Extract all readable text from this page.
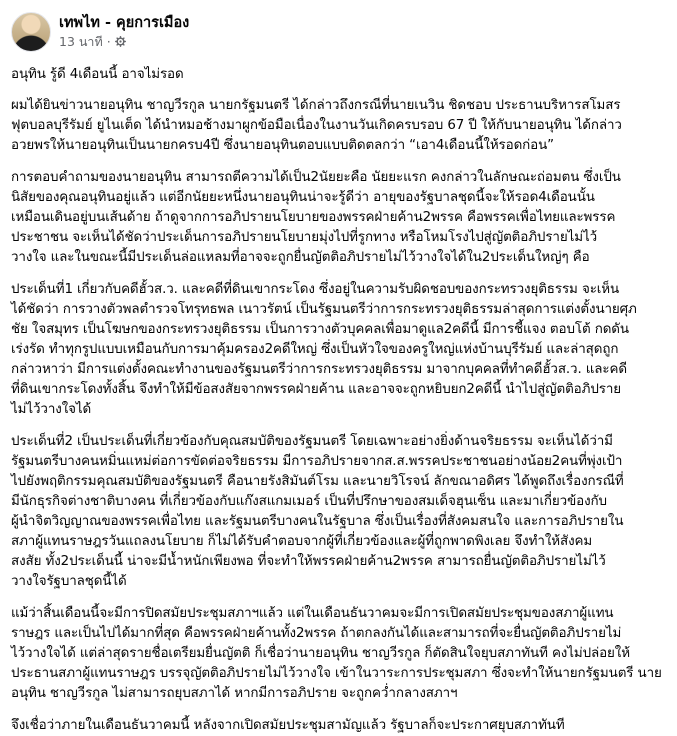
เทพไท - คุยการเมือง
13 นาที ·

อนุทิน รู้ดี 4เดือนนี้ อาจไม่รอด

ผมได้ยินข่าวนายอนุทิน ชาญวีรกูล นายกรัฐมนตรี ได้กล่าวถึงกรณีที่นายเนวิน ชิดชอบ ประธานบริหารสโมสร
ฟุตบอลบุรีรัมย์ ยูไนเต็ด ได้นำหมอช้างมาผูกข้อมือเนื่องในงานวันเกิดครบรอบ 67 ปี ให้กับนายอนุทิน ได้กล่าว
อวยพรให้นายอนุทินเป็นนายกครบ4ปี ซึ่งนายอนุทินตอบแบบติดตลกว่า “เอา4เดือนนี้ให้รอดก่อน”

การตอบคำถามของนายอนุทิน สามารถตีความได้เป็น2นัยยะคือ นัยยะแรก คงกล่าวในลักษณะถ่อมตน ซึ่งเป็น
นิสัยของคุณอนุทินอยู่แล้ว แต่อีกนัยยะหนึ่งนายอนุทินน่าจะรู้ดีว่า อายุของรัฐบาลชุดนี้จะให้รอด4เดือนนั้น
เหมือนเดินอยู่บนเส้นด้าย ถ้าดูจากการอภิปรายนโยบายของพรรคฝ่ายค้าน2พรรค คือพรรคเพื่อไทยและพรรค
ประชาชน จะเห็นได้ชัดว่าประเด็นการอภิปรายนโยบายมุ่งไปที่รูกทาง หรือโหมโรงไปสู่ญัตติอภิปรายไม่ไว้
วางใจ และในขณะนี้มีประเด็นล่อแหลมที่อาจจะถูกยื่นญัตติอภิปรายไม่ไว้วางใจได้ใน2ประเด็นใหญ่ๆ คือ

ประเด็นที่1 เกี่ยวกับคดีฮั้วส.ว. และคดีที่ดินเขากระโดง ซึ่งอยู่ในความรับผิดชอบของกระทรวงยุติธรรม จะเห็น
ได้ชัดว่า การวางตัวพลตำรวจโทรุทธพล เนาวรัตน์ เป็นรัฐมนตรีว่าการกระทรวงยุติธรรมล่าสุดการแต่งตั้งนายศุภ
ชัย ใจสมุทร เป็นโฆษกของกระทรวงยุติธรรม เป็นการวางตัวบุคคลเพื่อมาดูแล2คดีนี้ มีการชี้แจง ตอบโต้ กดดัน
เร่งรัด ทำทุกรูปแบบเหมือนกับการมาคุ้มครอง2คดีใหญ่ ซึ่งเป็นหัวใจของครูใหญ่แห่งบ้านบุรีรัมย์ และล่าสุดถูก
กล่าวหาว่า มีการแต่งตั้งคณะทำงานของรัฐมนตรีว่าการกระทรวงยุติธรรม มาจากบุคคลที่ทำคดีฮั้วส.ว. และคดี
ที่ดินเขากระโดงทั้งสิ้น จึงทำให้มีข้อสงสัยจากพรรคฝ่ายค้าน และอาจจะถูกหยิบยก2คดีนี้ นำไปสู่ญัตติอภิปราย
ไม่ไว้วางใจได้

ประเด็นที่2 เป็นประเด็นที่เกี่ยวข้องกับคุณสมบัติของรัฐมนตรี โดยเฉพาะอย่างยิ่งด้านจริยธรรม จะเห็นได้ว่ามี
รัฐมนตรีบางคนหมิ่นแหม่ต่อการขัดต่อจริยธรรม มีการอภิปรายจากส.ส.พรรคประชาชนอย่างน้อย2คนที่พุ่งเป้า
ไปยังพฤติกรรมคุณสมบัติของรัฐมนตรี คือนายรังสิมันต์โรม และนายวิโรจน์ ลักขณาอดิศร ได้พูดถึงเรื่องกรณีที่
มีนักธุรกิจต่างชาติบางคน ที่เกี่ยวข้องกับแก๊งสแกมเมอร์ เป็นที่ปรึกษาของสมเด็จฮุนเซ็น และมาเกี่ยวข้องกับ
ผู้นำจิตวิญญาณของพรรคเพื่อไทย และรัฐมนตรีบางคนในรัฐบาล ซึ่งเป็นเรื่องที่สังคมสนใจ และการอภิปรายใน
สภาผู้แทนราษฎรวันแถลงนโยบาย ก็ไม่ได้รับคำตอบจากผู้ที่เกี่ยวข้องและผู้ที่ถูกพาดพิงเลย จึงทำให้สังคม
สงสัย ทั้ง2ประเด็นนี้ น่าจะมีน้ำหนักเพียงพอ ที่จะทำให้พรรคฝ่ายค้าน2พรรค สามารถยื่นญัตติอภิปรายไม่ไว้
วางใจรัฐบาลชุดนี้ได้

แม้ว่าสิ้นเดือนนี้จะมีการปิดสมัยประชุมสภาฯแล้ว แต่ในเดือนธันวาคมจะมีการเปิดสมัยประชุมของสภาผู้แทน
ราษฎร และเป็นไปได้มากที่สุด คือพรรคฝ่ายค้านทั้ง2พรรค ถ้าตกลงกันได้และสามารถที่จะยื่นญัตติอภิปรายไม่
ไว้วางใจได้ แต่ล่าสุดรายชื่อเตรียมยื่นญัตติ ก็เชื่อว่านายอนุทิน ชาญวีรกูล ก็ตัดสินใจยุบสภาทันที คงไม่ปล่อยให้
ประธานสภาผู้แทนราษฎร บรรจุญัตติอภิปรายไม่ไว้วางใจ เข้าในวาระการประชุมสภา ซึ่งจะทำให้นายกรัฐมนตรี นาย
อนุทิน ชาญวีรกูล ไม่สามารถยุบสภาได้ หากมีการอภิปราย จะถูกคว่ำกลางสภาฯ

จึงเชื่อว่าภายในเดือนธันวาคมนี้ หลังจากเปิดสมัยประชุมสามัญแล้ว รัฐบาลก็จะประกาศยุบสภาทันที
